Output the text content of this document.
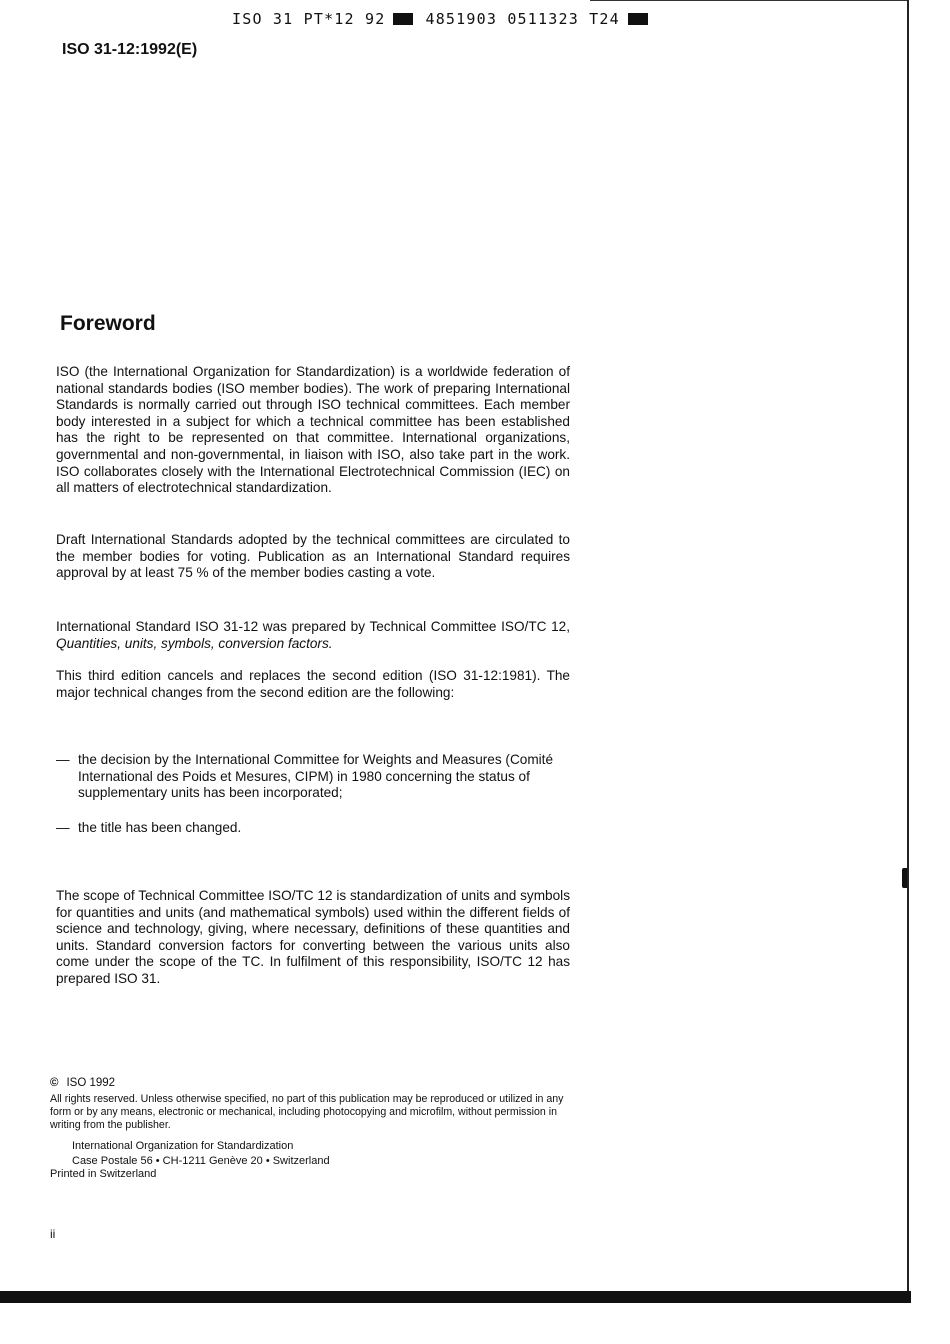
ISO 31 PT*12 92	4851903 0511323 T24
ISO 31-12:1992(E)
Foreword
ISO (the International Organization for Standardization) is a worldwide federation of national standards bodies (ISO member bodies). The work of preparing International Standards is normally carried out through ISO technical committees. Each member body interested in a subject for which a technical committee has been established has the right to be represented on that committee. International organizations, governmental and non-governmental, in liaison with ISO, also take part in the work. ISO collaborates closely with the International Electrotechnical Commission (IEC) on all matters of electrotechnical standardization.
Draft International Standards adopted by the technical committees are circulated to the member bodies for voting. Publication as an International Standard requires approval by at least 75 % of the member bodies casting a vote.
International Standard ISO 31-12 was prepared by Technical Committee ISO/TC 12, Quantities, units, symbols, conversion factors.
This third edition cancels and replaces the second edition (ISO 31-12:1981). The major technical changes from the second edition are the following:
— the decision by the International Committee for Weights and Measures (Comité International des Poids et Mesures, CIPM) in 1980 concerning the status of supplementary units has been incorporated;
— the title has been changed.
The scope of Technical Committee ISO/TC 12 is standardization of units and symbols for quantities and units (and mathematical symbols) used within the different fields of science and technology, giving, where necessary, definitions of these quantities and units. Standard conversion factors for converting between the various units also come under the scope of the TC. In fulfilment of this responsibility, ISO/TC 12 has prepared ISO 31.
© ISO 1992
All rights reserved. Unless otherwise specified, no part of this publication may be reproduced or utilized in any form or by any means, electronic or mechanical, including photocopying and microfilm, without permission in writing from the publisher.
International Organization for Standardization
Case Postale 56 • CH-1211 Genève 20 • Switzerland
Printed in Switzerland
ii
